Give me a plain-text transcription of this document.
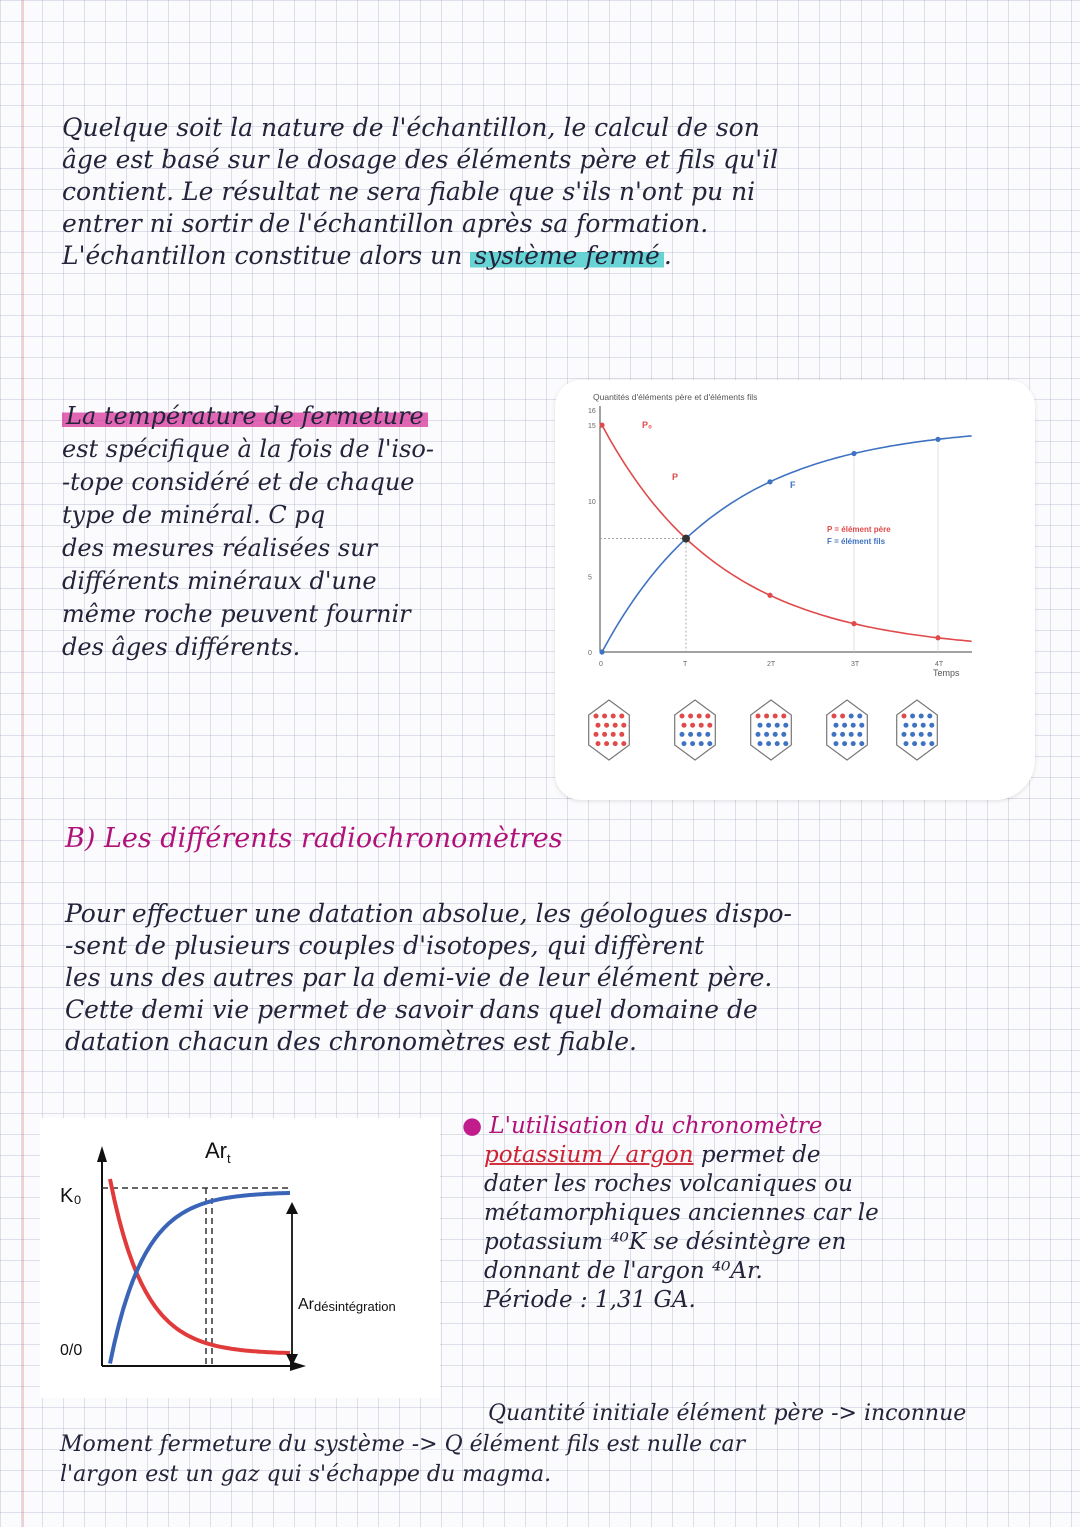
Quelque soit la nature de l'échantillon, le calcul de son
âge est basé sur le dosage des éléments père et fils qu'il
contient. Le résultat ne sera fiable que s'ils n'ont pu ni
entrer ni sortir de l'échantillon après sa formation.
L'échantillon constitue alors un système fermé .
La température de fermeture
est spécifique à la fois de l'iso-
-tope considéré et de chaque
type de minéral. C pq
des mesures réalisées sur
différents minéraux d'une
même roche peuvent fournir
des âges différents.
Quantités d'éléments père et d'éléments fils
16
15
10
5
0
0	T	2T	3T	4T
P = élément père
F = élément fils
P₀
P
F
Temps
B) Les différents radiochronomètres
Pour effectuer une datation absolue, les géologues dispo-
-sent de plusieurs couples d'isotopes, qui diffèrent
les uns des autres par la demi-vie de leur élément père.
Cette demi vie permet de savoir dans quel domaine de
datation chacun des chronomètres est fiable.
$Ar_t$
K₀
0/0
Ardésintégration
● L'utilisation du chronomètre
potassium / argon permet de
dater les roches volcaniques ou
métamorphiques anciennes car le
potassium ⁴⁰K se désintègre en
donnant de l'argon ⁴⁰Ar.
Période : 1,31 GA.
Quantité initiale élément père -> inconnue
Moment fermeture du système -> Q élément fils est nulle car
l'argon est un gaz qui s'échappe du magma.
